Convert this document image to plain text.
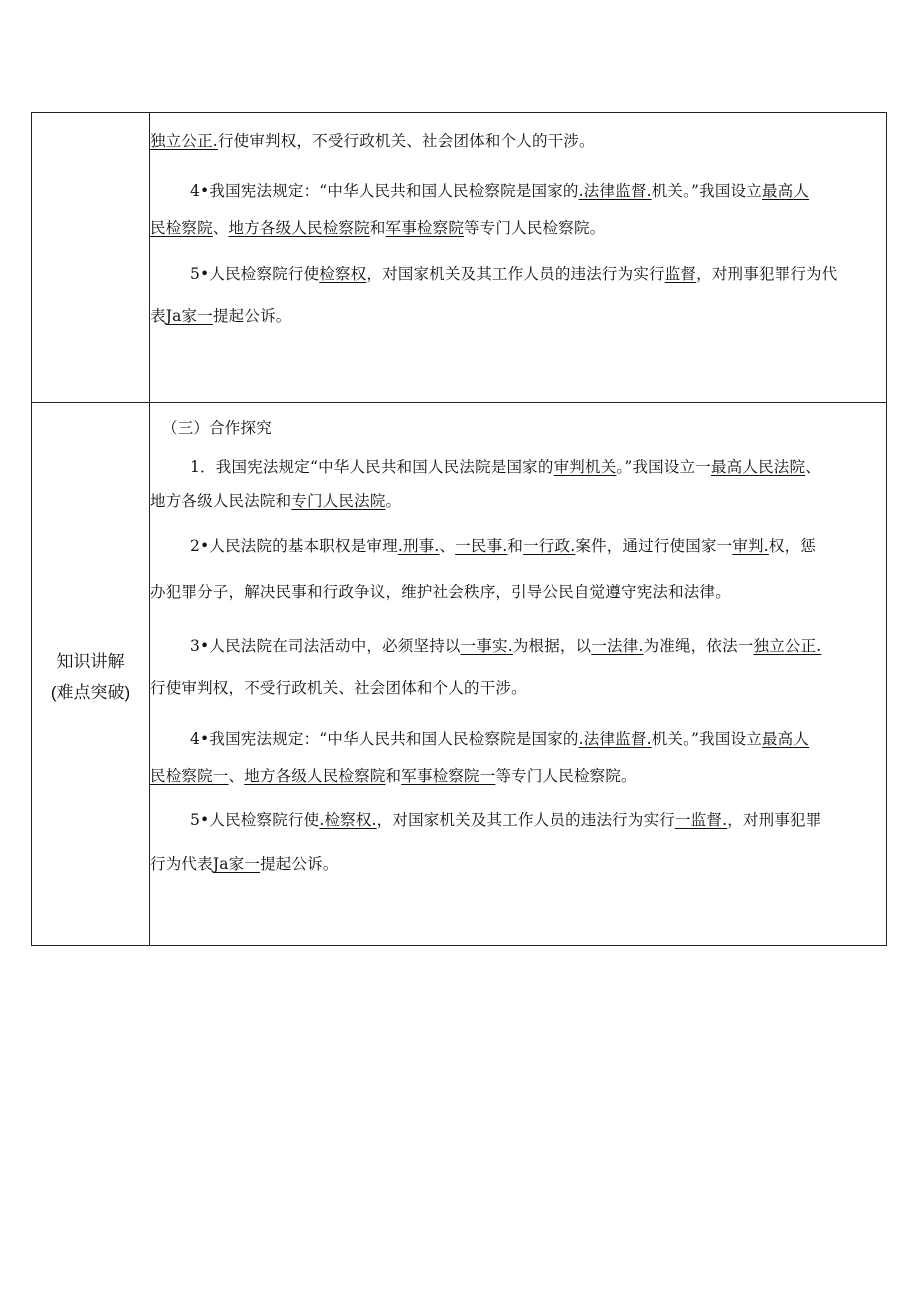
知识讲解
(难点突破)
独立公正.行使审判权，不受行政机关、社会团体和个人的干涉。
4•我国宪法规定：“中华人民共和国人民检察院是国家的.法律监督.机关。”我国设立最高人
民检察院、地方各级人民检察院和军事检察院等专门人民检察院。
5•人民检察院行使检察权，对国家机关及其工作人员的违法行为实行监督，对刑事犯罪行为代
表Ja家一提起公诉。
（三）合作探究
1．我国宪法规定“中华人民共和国人民法院是国家的审判机关。”我国设立一最高人民法院、
地方各级人民法院和专门人民法院。
2•人民法院的基本职权是审理.刑事.、一民事.和一行政.案件，通过行使国家一审判.权，惩
办犯罪分子，解决民事和行政争议，维护社会秩序，引导公民自觉遵守宪法和法律。
3•人民法院在司法活动中，必须坚持以一事实.为根据，以一法律.为准绳，依法一独立公正.
行使审判权，不受行政机关、社会团体和个人的干涉。
4•我国宪法规定：“中华人民共和国人民检察院是国家的.法律监督.机关。”我国设立最高人
民检察院一、地方各级人民检察院和军事检察院一等专门人民检察院。
5•人民检察院行使.检察权.，对国家机关及其工作人员的违法行为实行一监督.，对刑事犯罪
行为代表Ja家一提起公诉。
